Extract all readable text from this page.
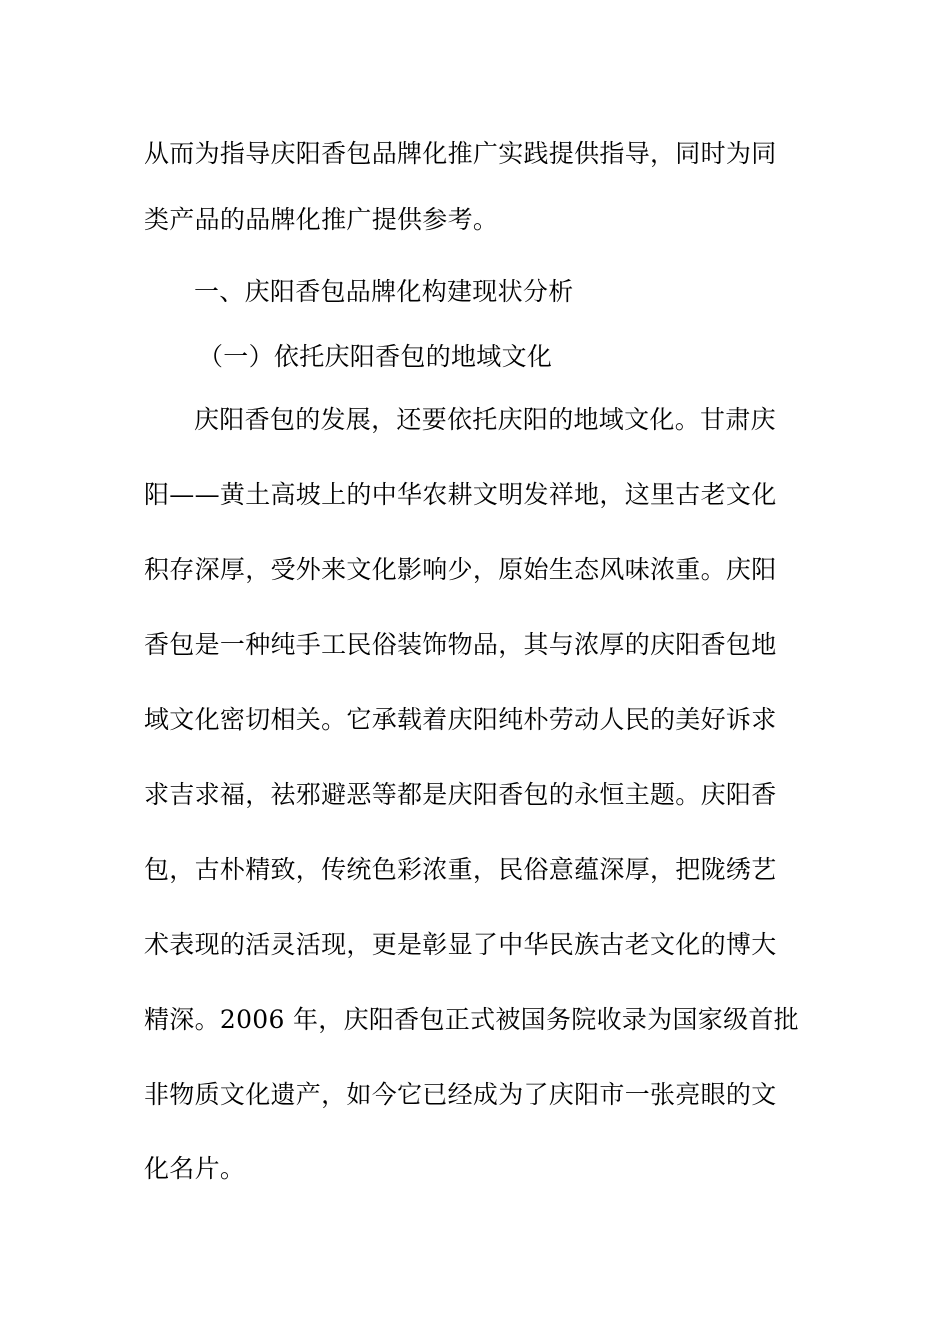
从而为指导庆阳香包品牌化推广实践提供指导，同时为同
类产品的品牌化推广提供参考。
一、庆阳香包品牌化构建现状分析
（一）依托庆阳香包的地域文化
庆阳香包的发展，还要依托庆阳的地域文化。甘肃庆
阳——黄土高坡上的中华农耕文明发祥地，这里古老文化
积存深厚，受外来文化影响少，原始生态风味浓重。庆阳
香包是一种纯手工民俗装饰物品，其与浓厚的庆阳香包地
域文化密切相关。它承载着庆阳纯朴劳动人民的美好诉求
求吉求福，祛邪避恶等都是庆阳香包的永恒主题。庆阳香
包，古朴精致，传统色彩浓重，民俗意蕴深厚，把陇绣艺
术表现的活灵活现，更是彰显了中华民族古老文化的博大
精深。2006 年，庆阳香包正式被国务院收录为国家级首批
非物质文化遗产，如今它已经成为了庆阳市一张亮眼的文
化名片。
